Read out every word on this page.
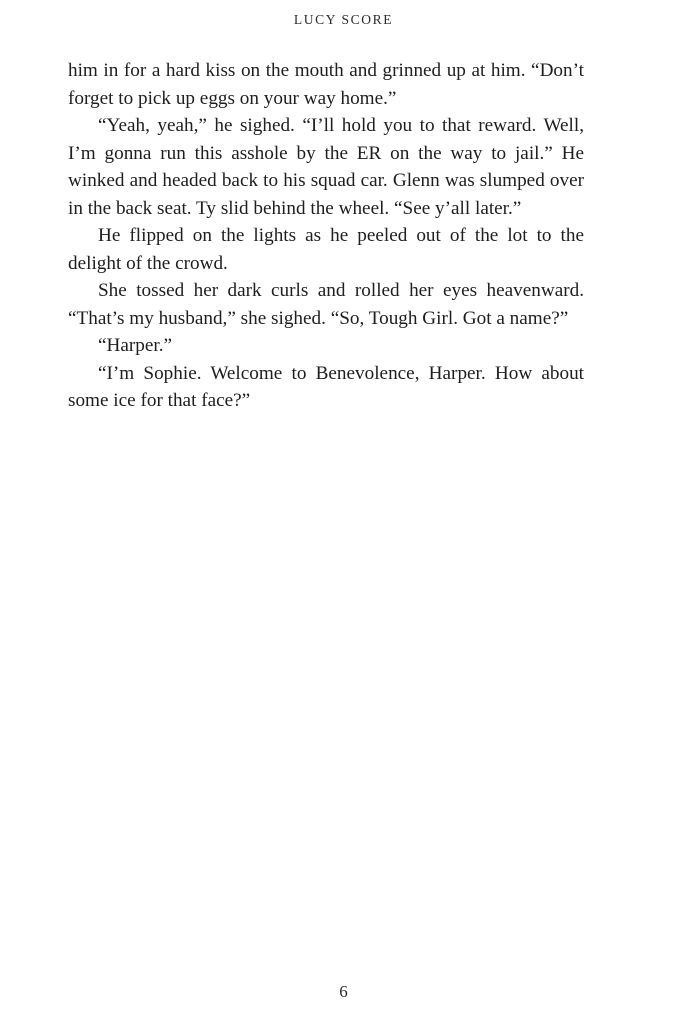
LUCY SCORE

him in for a hard kiss on the mouth and grinned up at him. “Don’t forget to pick up eggs on your way home.”

“Yeah, yeah,” he sighed. “I’ll hold you to that reward. Well, I’m gonna run this asshole by the ER on the way to jail.” He winked and headed back to his squad car. Glenn was slumped over in the back seat. Ty slid behind the wheel. “See y’all later.”

He flipped on the lights as he peeled out of the lot to the delight of the crowd.

She tossed her dark curls and rolled her eyes heavenward. “That’s my husband,” she sighed. “So, Tough Girl. Got a name?”

“Harper.”

“I’m Sophie. Welcome to Benevolence, Harper. How about some ice for that face?”

6
